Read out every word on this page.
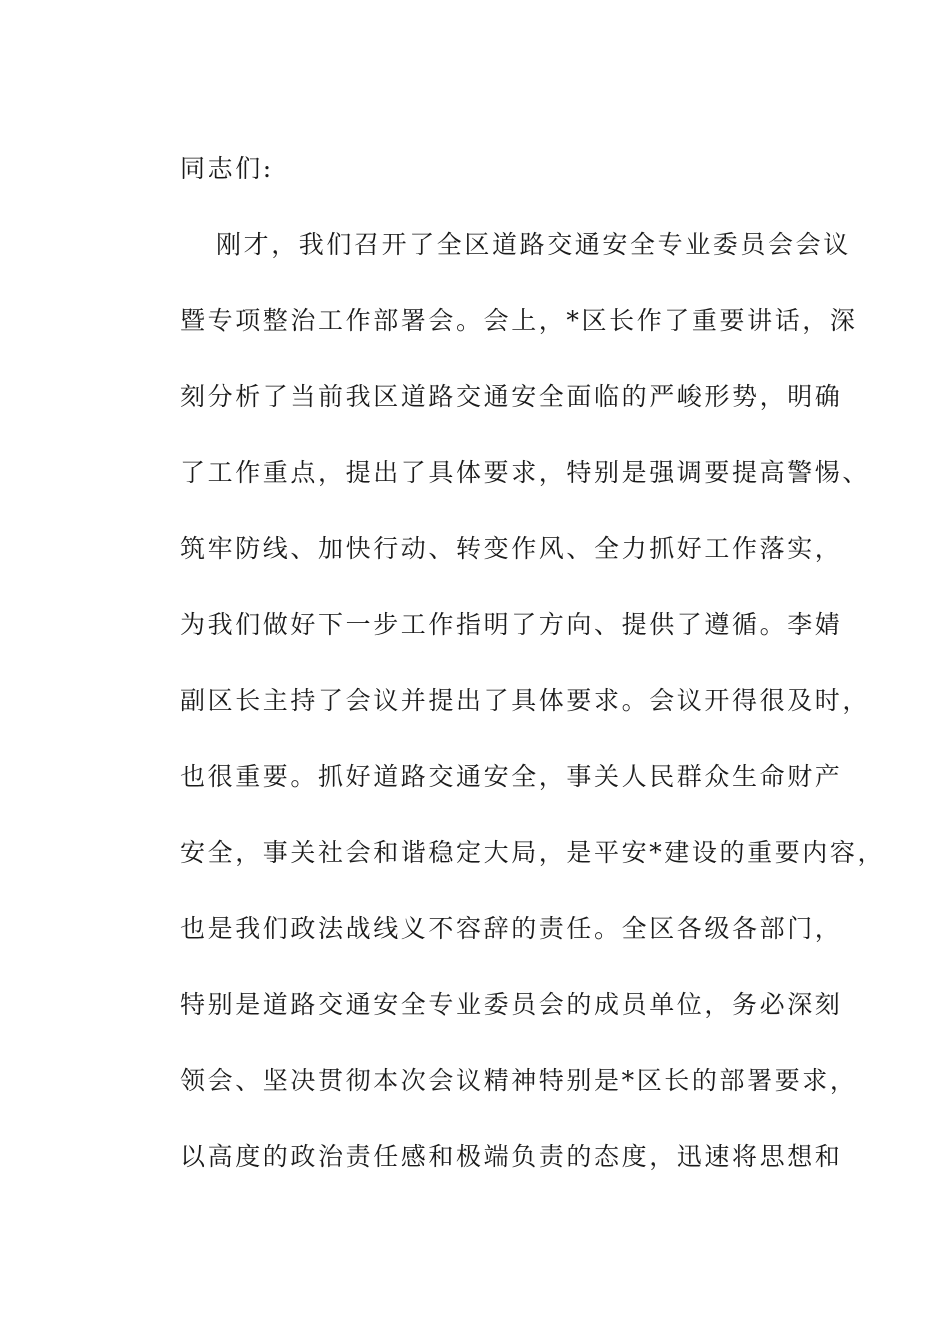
同志们:
刚才，我们召开了全区道路交通安全专业委员会会议
暨专项整治工作部署会。会上，*区长作了重要讲话，深
刻分析了当前我区道路交通安全面临的严峻形势，明确
了工作重点，提出了具体要求，特别是强调要提高警惕、
筑牢防线、加快行动、转变作风、全力抓好工作落实，
为我们做好下一步工作指明了方向、提供了遵循。李婧
副区长主持了会议并提出了具体要求。会议开得很及时，
也很重要。抓好道路交通安全，事关人民群众生命财产
安全，事关社会和谐稳定大局，是平安*建设的重要内容，
也是我们政法战线义不容辞的责任。全区各级各部门，
特别是道路交通安全专业委员会的成员单位，务必深刻
领会、坚决贯彻本次会议精神特别是*区长的部署要求，
以高度的政治责任感和极端负责的态度，迅速将思想和
